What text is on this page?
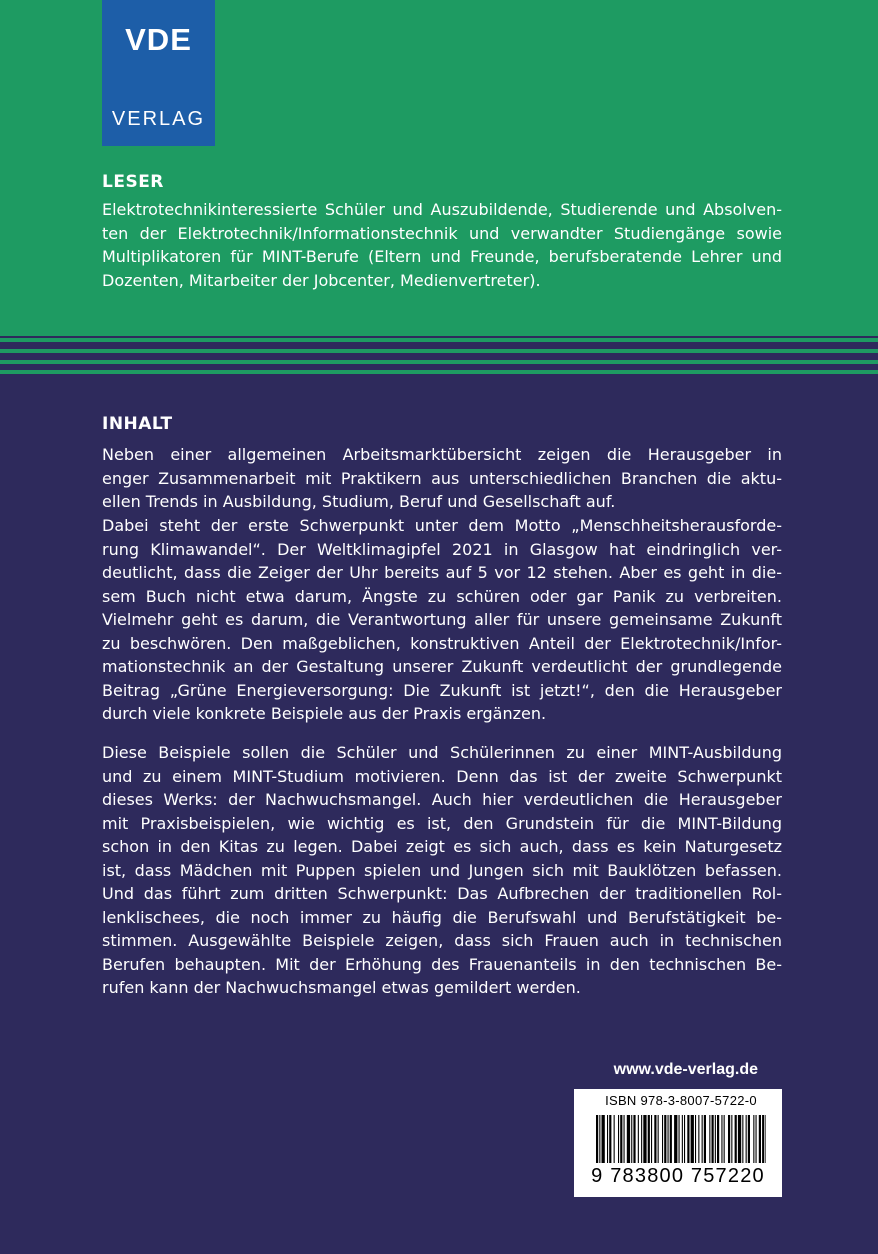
VDE
VERLAG
LESER
Elektrotechnikinteressierte Schüler und Auszubildende, Studierende und Absolven-
ten der Elektrotechnik/Informationstechnik und verwandter Studiengänge sowie
Multiplikatoren für MINT-Berufe (Eltern und Freunde, berufsberatende Lehrer und
Dozenten, Mitarbeiter der Jobcenter, Medienvertreter).
INHALT
Neben einer allgemeinen Arbeitsmarktübersicht zeigen die Herausgeber in
enger Zusammenarbeit mit Praktikern aus unterschiedlichen Branchen die aktu-
ellen Trends in Ausbildung, Studium, Beruf und Gesellschaft auf.
Dabei steht der erste Schwerpunkt unter dem Motto „Menschheitsherausforde-
rung Klimawandel“. Der Weltklimagipfel 2021 in Glasgow hat eindringlich ver-
deutlicht, dass die Zeiger der Uhr bereits auf 5 vor 12 stehen. Aber es geht in die-
sem Buch nicht etwa darum, Ängste zu schüren oder gar Panik zu verbreiten.
Vielmehr geht es darum, die Verantwortung aller für unsere gemeinsame Zukunft
zu beschwören. Den maßgeblichen, konstruktiven Anteil der Elektrotechnik/Infor-
mationstechnik an der Gestaltung unserer Zukunft verdeutlicht der grundlegende
Beitrag „Grüne Energieversorgung: Die Zukunft ist jetzt!“, den die Herausgeber
durch viele konkrete Beispiele aus der Praxis ergänzen.
Diese Beispiele sollen die Schüler und Schülerinnen zu einer MINT-Ausbildung
und zu einem MINT-Studium motivieren. Denn das ist der zweite Schwerpunkt
dieses Werks: der Nachwuchsmangel. Auch hier verdeutlichen die Herausgeber
mit Praxisbeispielen, wie wichtig es ist, den Grundstein für die MINT-Bildung
schon in den Kitas zu legen. Dabei zeigt es sich auch, dass es kein Naturgesetz
ist, dass Mädchen mit Puppen spielen und Jungen sich mit Bauklötzen befassen.
Und das führt zum dritten Schwerpunkt: Das Aufbrechen der traditionellen Rol-
lenklischees, die noch immer zu häufig die Berufswahl und Berufstätigkeit be-
stimmen. Ausgewählte Beispiele zeigen, dass sich Frauen auch in technischen
Berufen behaupten. Mit der Erhöhung des Frauenanteils in den technischen Be-
rufen kann der Nachwuchsmangel etwas gemildert werden.
www.vde-verlag.de
ISBN 978-3-8007-5722-0
9 783800 757220
